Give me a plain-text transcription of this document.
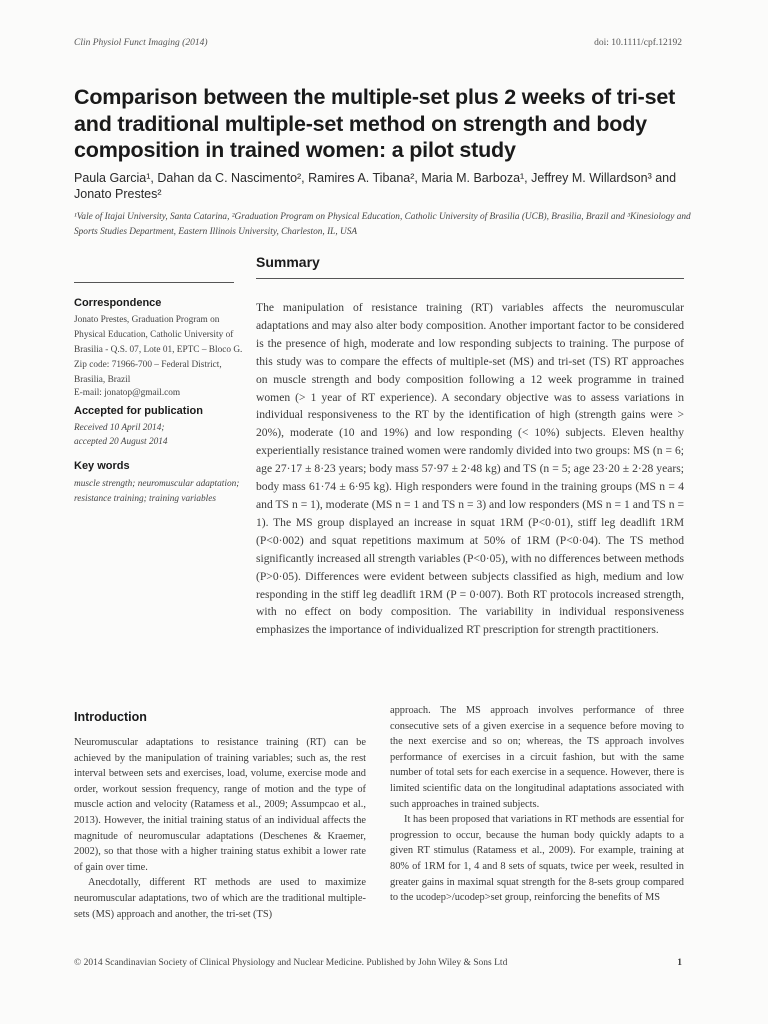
Clin Physiol Funct Imaging (2014)	doi: 10.1111/cpf.12192
Comparison between the multiple-set plus 2 weeks of tri-set and traditional multiple-set method on strength and body composition in trained women: a pilot study
Paula Garcia¹, Dahan da C. Nascimento², Ramires A. Tibana², Maria M. Barboza¹, Jeffrey M. Willardson³ and
Jonato Prestes²
¹Vale of Itajai University, Santa Catarina, ²Graduation Program on Physical Education, Catholic University of Brasilia (UCB), Brasilia, Brazil and ³Kinesiology and Sports Studies Department, Eastern Illinois University, Charleston, IL, USA
Summary
Correspondence
Jonato Prestes, Graduation Program on Physical Education, Catholic University of Brasilia - Q.S. 07, Lote 01, EPTC – Bloco G. Zip code: 71966-700 – Federal District, Brasilia, Brazil
E-mail: jonatop@gmail.com
Accepted for publication
Received 10 April 2014;
accepted 20 August 2014
Key words
muscle strength; neuromuscular adaptation; resistance training; training variables
The manipulation of resistance training (RT) variables affects the neuromuscular adaptations and may also alter body composition. Another important factor to be considered is the presence of high, moderate and low responding subjects to training. The purpose of this study was to compare the effects of multiple-set (MS) and tri-set (TS) RT approaches on muscle strength and body composition following a 12 week programme in trained women (> 1 year of RT experience). A secondary objective was to assess variations in individual responsiveness to the RT by the identification of high (strength gains were > 20%), moderate (10 and 19%) and low responding (< 10%) subjects. Eleven healthy experientially resistance trained women were randomly divided into two groups: MS (n = 6; age 27·17 ± 8·23 years; body mass 57·97 ± 2·48 kg) and TS (n = 5; age 23·20 ± 2·28 years; body mass 61·74 ± 6·95 kg). High responders were found in the training groups (MS n = 4 and TS n = 1), moderate (MS n = 1 and TS n = 3) and low responders (MS n = 1 and TS n = 1). The MS group displayed an increase in squat 1RM (P<0·01), stiff leg deadlift 1RM (P<0·002) and squat repetitions maximum at 50% of 1RM (P<0·04). The TS method significantly increased all strength variables (P<0·05), with no differences between methods (P>0·05). Differences were evident between subjects classified as high, medium and low responding in the stiff leg deadlift 1RM (P = 0·007). Both RT protocols increased strength, with no effect on body composition. The variability in individual responsiveness emphasizes the importance of individualized RT prescription for strength practitioners.
Introduction

Neuromuscular adaptations to resistance training (RT) can be achieved by the manipulation of training variables; such as, the rest interval between sets and exercises, load, volume, exercise mode and order, workout session frequency, range of motion and the type of muscle action and velocity (Ratamess et al., 2009; Assumpcao et al., 2013). However, the initial training status of an individual affects the magnitude of neuromuscular adaptations (Deschenes & Kraemer, 2002), so that those with a higher training status exhibit a lower rate of gain over time.

Anecdotally, different RT methods are used to maximize neuromuscular adaptations, two of which are the traditional multiple-sets (MS) approach and another, the tri-set (TS)

approach. The MS approach involves performance of three consecutive sets of a given exercise in a sequence before moving to the next exercise and so on; whereas, the TS approach involves performance of exercises in a circuit fashion, but with the same number of total sets for each exercise in a sequence. However, there is limited scientific data on the longitudinal adaptations associated with such approaches in trained subjects.

It has been proposed that variations in RT methods are essential for progression to occur, because the human body quickly adapts to a given RT stimulus (Ratamess et al., 2009). For example, training at 80% of 1RM for 1, 4 and 8 sets of squats, twice per week, resulted in greater gains in maximal squat strength for the 8-sets group compared to the ucodep>/ucodep>set group, reinforcing the benefits of MS

© 2014 Scandinavian Society of Clinical Physiology and Nuclear Medicine. Published by John Wiley & Sons Ltd	1
